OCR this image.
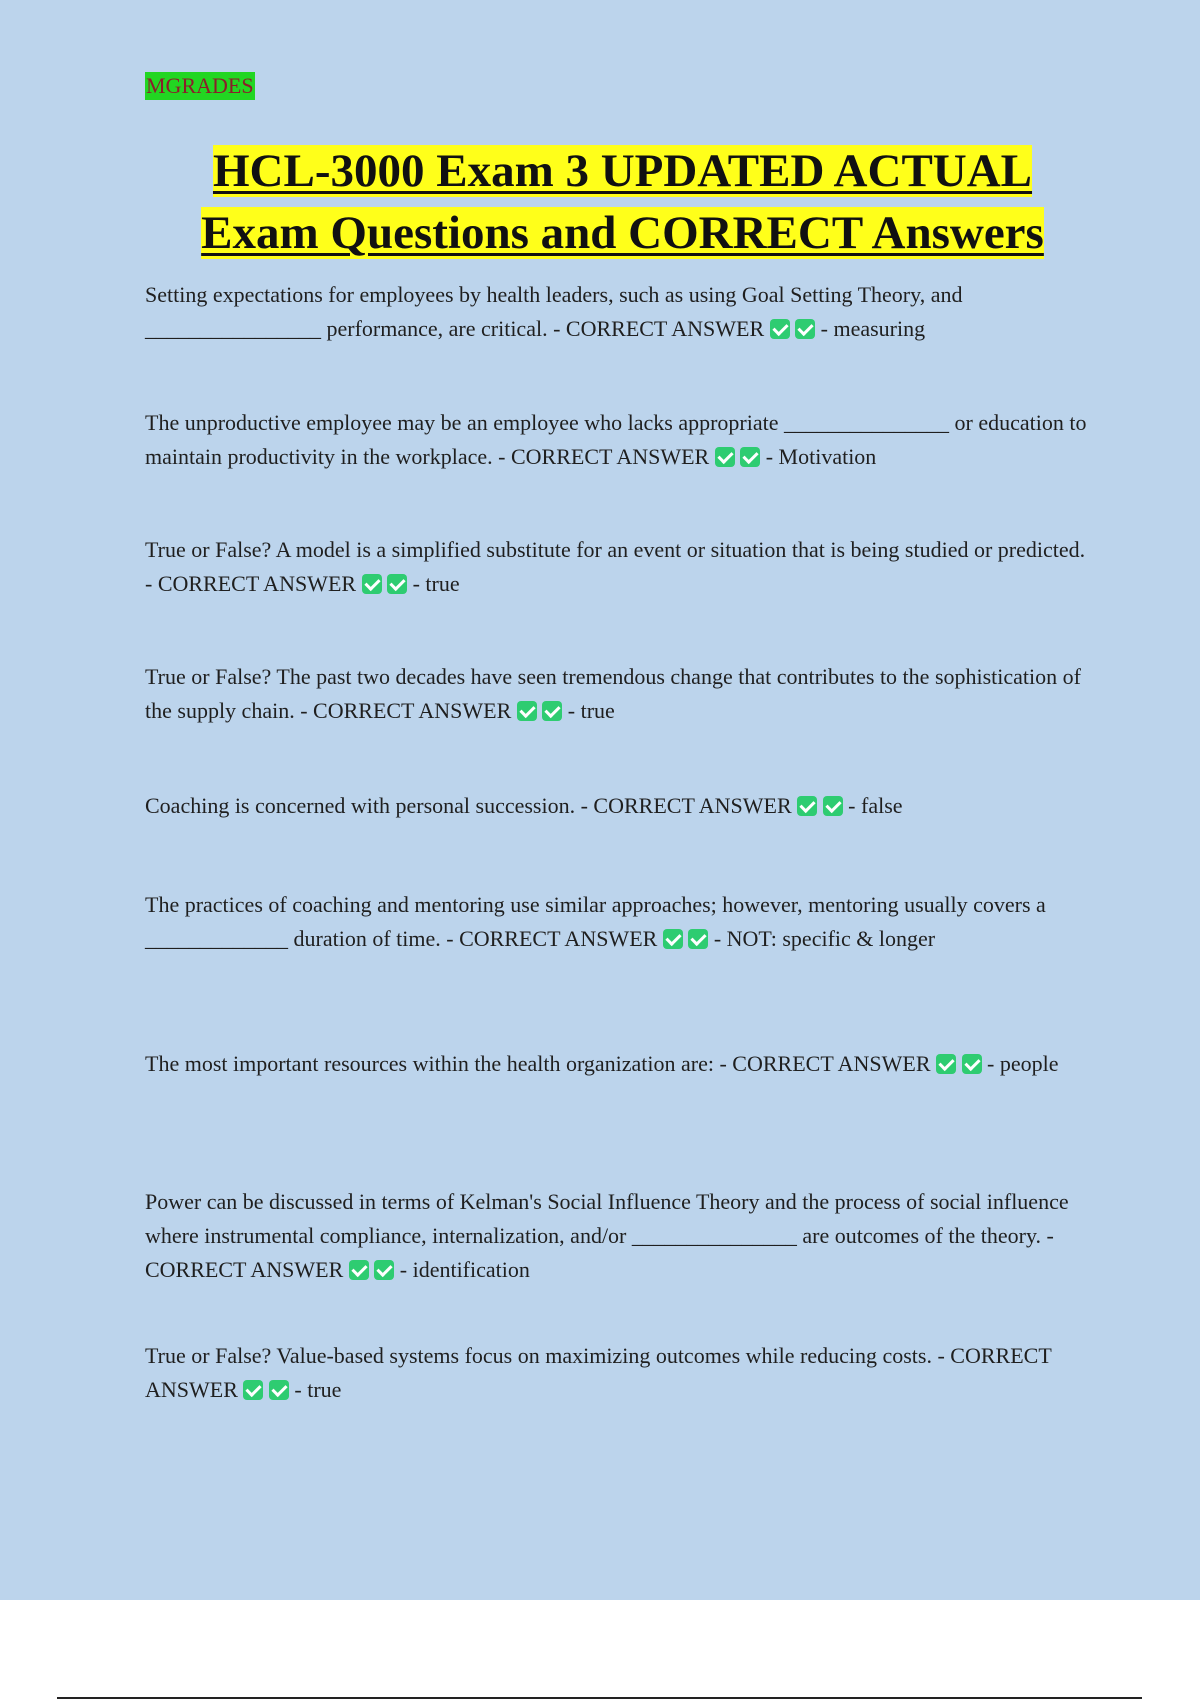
MGRADES
HCL-3000 Exam 3 UPDATED ACTUAL
Exam Questions and CORRECT Answers

Setting expectations for employees by health leaders, such as using Goal Setting Theory, and ________________ performance, are critical. - CORRECT ANSWER	- measuring

The unproductive employee may be an employee who lacks appropriate _______________ or education to maintain productivity in the workplace. - CORRECT ANSWER	- Motivation

True or False? A model is a simplified substitute for an event or situation that is being studied or predicted. - CORRECT ANSWER	- true

True or False? The past two decades have seen tremendous change that contributes to the sophistication of the supply chain. - CORRECT ANSWER	- true

Coaching is concerned with personal succession. - CORRECT ANSWER	- false

The practices of coaching and mentoring use similar approaches; however, mentoring usually covers a _____________ duration of time. - CORRECT ANSWER	- NOT: specific & longer

The most important resources within the health organization are: - CORRECT ANSWER	- people

Power can be discussed in terms of Kelman's Social Influence Theory and the process of social influence where instrumental compliance, internalization, and/or _______________ are outcomes of the theory. - CORRECT ANSWER	- identification

True or False? Value-based systems focus on maximizing outcomes while reducing costs. - CORRECT ANSWER	- true
